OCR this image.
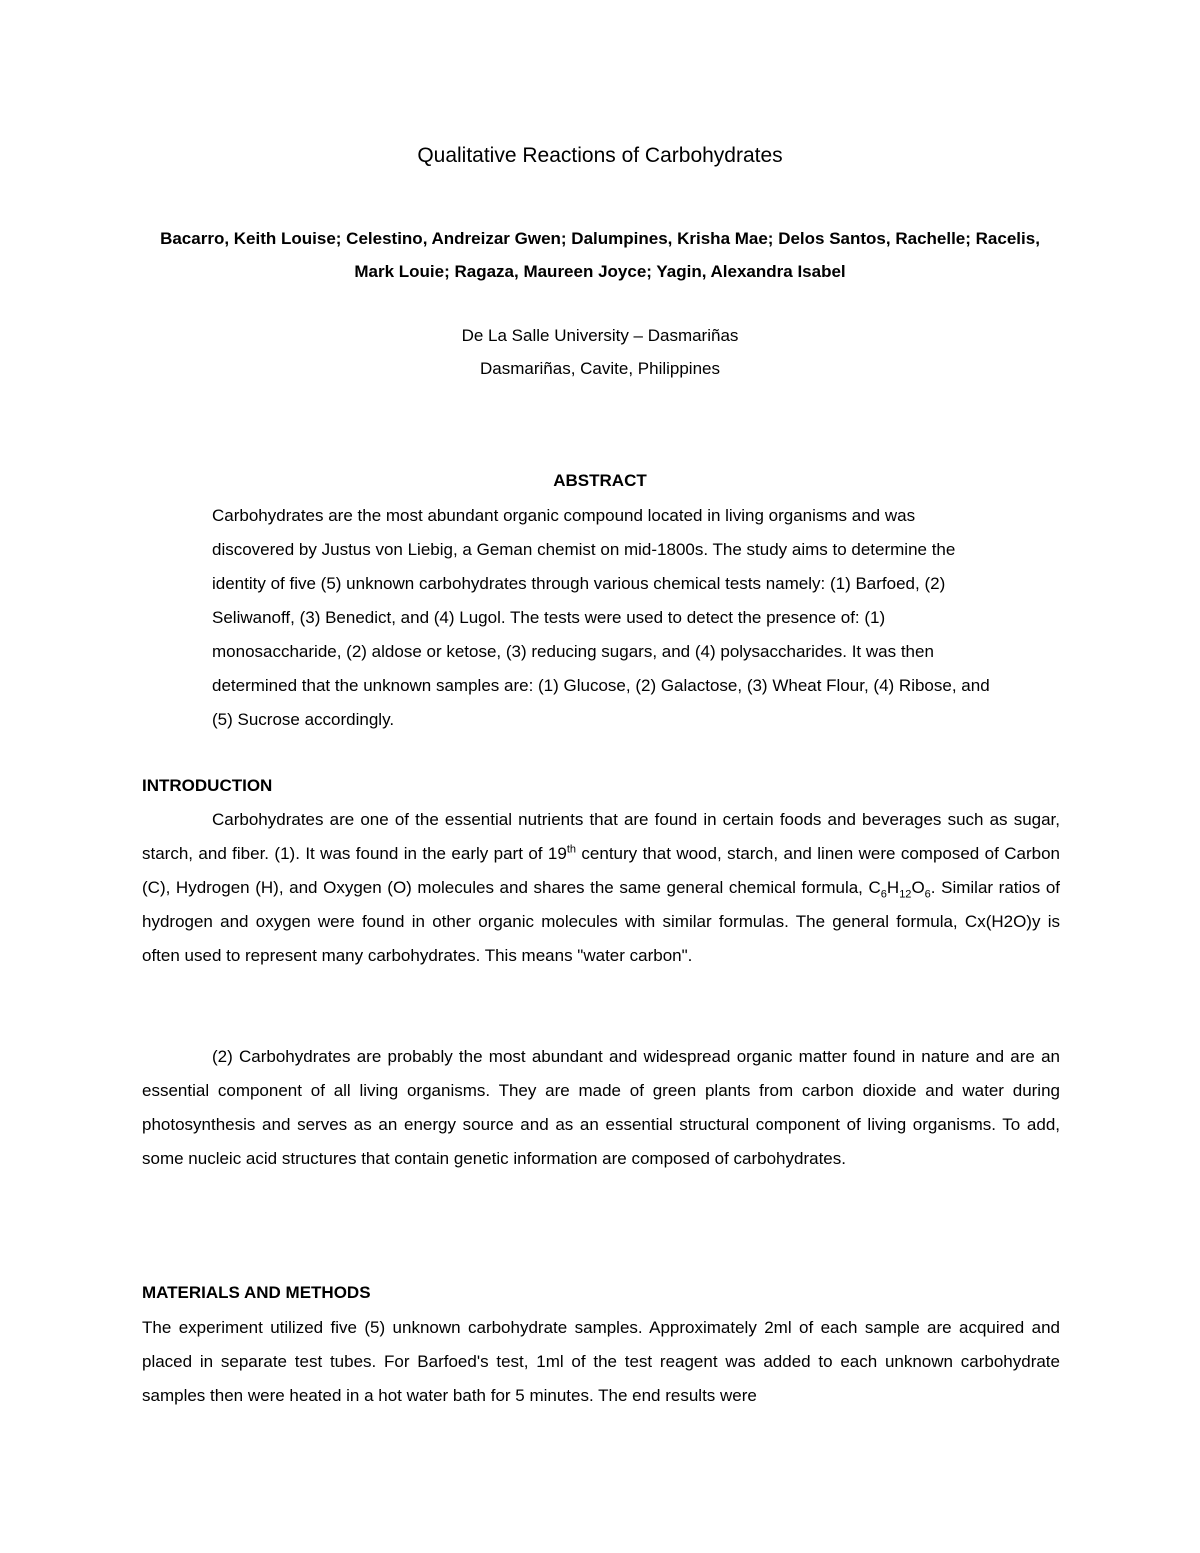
Qualitative Reactions of Carbohydrates
Bacarro, Keith Louise; Celestino, Andreizar Gwen; Dalumpines, Krisha Mae; Delos Santos, Rachelle; Racelis, Mark Louie; Ragaza, Maureen Joyce; Yagin, Alexandra Isabel
De La Salle University – Dasmariñas
Dasmariñas, Cavite, Philippines
ABSTRACT

Carbohydrates are the most abundant organic compound located in living organisms and was discovered by Justus von Liebig, a Geman chemist on mid-1800s. The study aims to determine the identity of five (5) unknown carbohydrates through various chemical tests namely: (1) Barfoed, (2) Seliwanoff, (3) Benedict, and (4) Lugol. The tests were used to detect the presence of: (1) monosaccharide, (2) aldose or ketose, (3) reducing sugars, and (4) polysaccharides. It was then determined that the unknown samples are: (1) Glucose, (2) Galactose, (3) Wheat Flour, (4) Ribose, and (5) Sucrose accordingly.

INTRODUCTION

Carbohydrates are one of the essential nutrients that are found in certain foods and beverages such as sugar, starch, and fiber. (1). It was found in the early part of 19th century that wood, starch, and linen were composed of Carbon (C), Hydrogen (H), and Oxygen (O) molecules and shares the same general chemical formula, $C_6H_{12}O_6$. Similar ratios of hydrogen and oxygen were found in other organic molecules with similar formulas. The general formula, Cx(H2O)y is often used to represent many carbohydrates. This means "water carbon".

(2) Carbohydrates are probably the most abundant and widespread organic matter found in nature and are an essential component of all living organisms. They are made of green plants from carbon dioxide and water during photosynthesis and serves as an energy source and as an essential structural component of living organisms. To add, some nucleic acid structures that contain genetic information are composed of carbohydrates.

MATERIALS AND METHODS

The experiment utilized five (5) unknown carbohydrate samples. Approximately 2ml of each sample are acquired and placed in separate test tubes. For Barfoed's test, 1ml of the test reagent was added to each unknown carbohydrate samples then were heated in a hot water bath for 5 minutes. The end results were
